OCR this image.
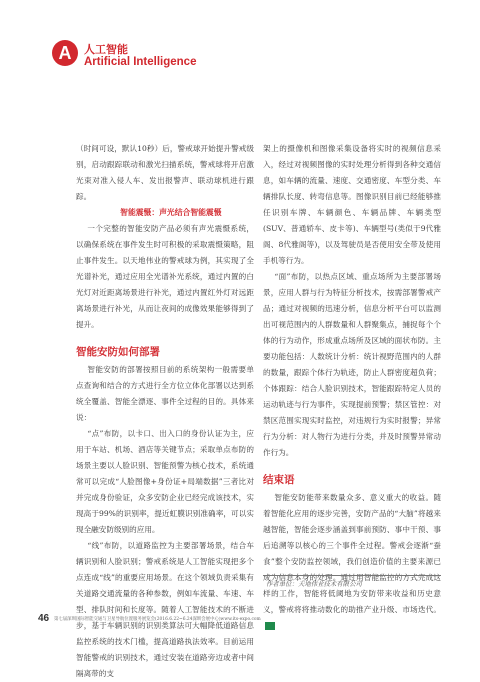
A	人工智能
Artificial Intelligence

（时间可设，默认10秒）后，警戒球开始提升警戒级别，启动跟踪联动和激光扫描系统，警戒球将开启激光束对准入侵人车、发出报警声、联动球机进行跟踪。

智能震慑：声光结合智能震慑

一个完整的智能安防产品必须有声光震慑系统，以确保系统在事件发生时可积极的采取震慑策略，阻止事件发生。以天地伟业的警戒球为例，其实现了全光谱补光，通过应用全光谱补光系统，通过内置的白光灯对近距离场景进行补光，通过内置红外灯对远距离场景进行补光，从而让夜间的成像效果能够得到了提升。

智能安防如何部署

智能安防的部署按照目前的系统架构一般需要单点查询和结合的方式进行全方位立体化部署以达到系统全覆盖、智能全漂逐、事件全过程的目的。具体来说：

“点”布防，以卡口、出入口的身份认证为主，应用于车站、机场、酒店等关键节点；采取单点布防的场景主要以人脸识别、智能预警为核心技术，系统通常可以完成“人脸图像+身份证+局端数据”三者比对并完成身份验证，众多安防企业已经完成该技术，实现高于99%的识别率，提近虹膜识别准确率，可以实现全融安防级别的应用。

“线”布防，以道路监控为主要部署场景，结合车辆识别和人脸识别；警戒系统是人工智能实现把多个点连成“线”的重要应用场景。在这个领域负责采集有关道路交通流量的各种参数，例如车流量、车速、车型、排队时间和长度等。随着人工智能技术的不断进步，基于车辆识别的识别类算法可大幅降低道路信息监控系统的技术门槛，提高道路执法效率。目前运用智能警戒的识别技术，通过安装在道路旁边或者中间隔离带的支

架上的摄像机和图像采集设备将实时的视频信息采入，经过对视频图像的实时处理分析得到各种交通信息，如车辆的流量、速度、交通密度、车型分类、车辆排队长度、转弯信息等。图像识别目前已经能够推任识别车牌、车辆颜色、车辆品牌、车辆类型(SUV、普通轿车、皮卡等)、车辆型号(类似于9代雅阁、8代雅阁等)，以及驾驶员是否使用安全带及使用手机等行为。

“面”布防，以热点区域、重点场所为主要部署场景，应用人群与行为特征分析技术，按需部署警戒产品；通过对视频的迅速分析，信息分析平台可以监测出可视范围内的人群数量和人群聚集点，捕捉每个个体的行为动作，形成重点场所及区域的面状布防。主要功能包括：人数统计分析：统计视野范围内的人群的数量，跟踪个体行为轨迹，防止人群密度超负荷；个体跟踪：结合人脸识别技术，智能跟踪特定人员的运动轨迹与行为事件，实现提前预警；禁区管控：对禁区范围实现实时监控，对违规行为实时报警；异常行为分析：对人物行为进行分类，并及时预警异常动作行为。

结束语

智能安防能带来数量众多、意义重大的收益。随着智能化应用的逐步完善，安防产品的“大脑”将越来越智能，智能会逐步涵盖到事前预防、事中干预、事后追溯等以核心的三个事件全过程。警戒会逐渐“蚕食”整个安防监控领域，我们创造价值的主要来源已成为信息本身的处理。通过用智能监控的方式完成这样的工作，智能将低阈地为安防带来收益和历史意义，警戒将将推动数化的助推产业升级、市场迭代。Ⓒ

作者单位：天地伟业技术有限公司
46 第七届深圳国际智能交通与卫星导航位置服务展览会(2016.6.22~6.24深圳会展中心)www.its-expo.com
